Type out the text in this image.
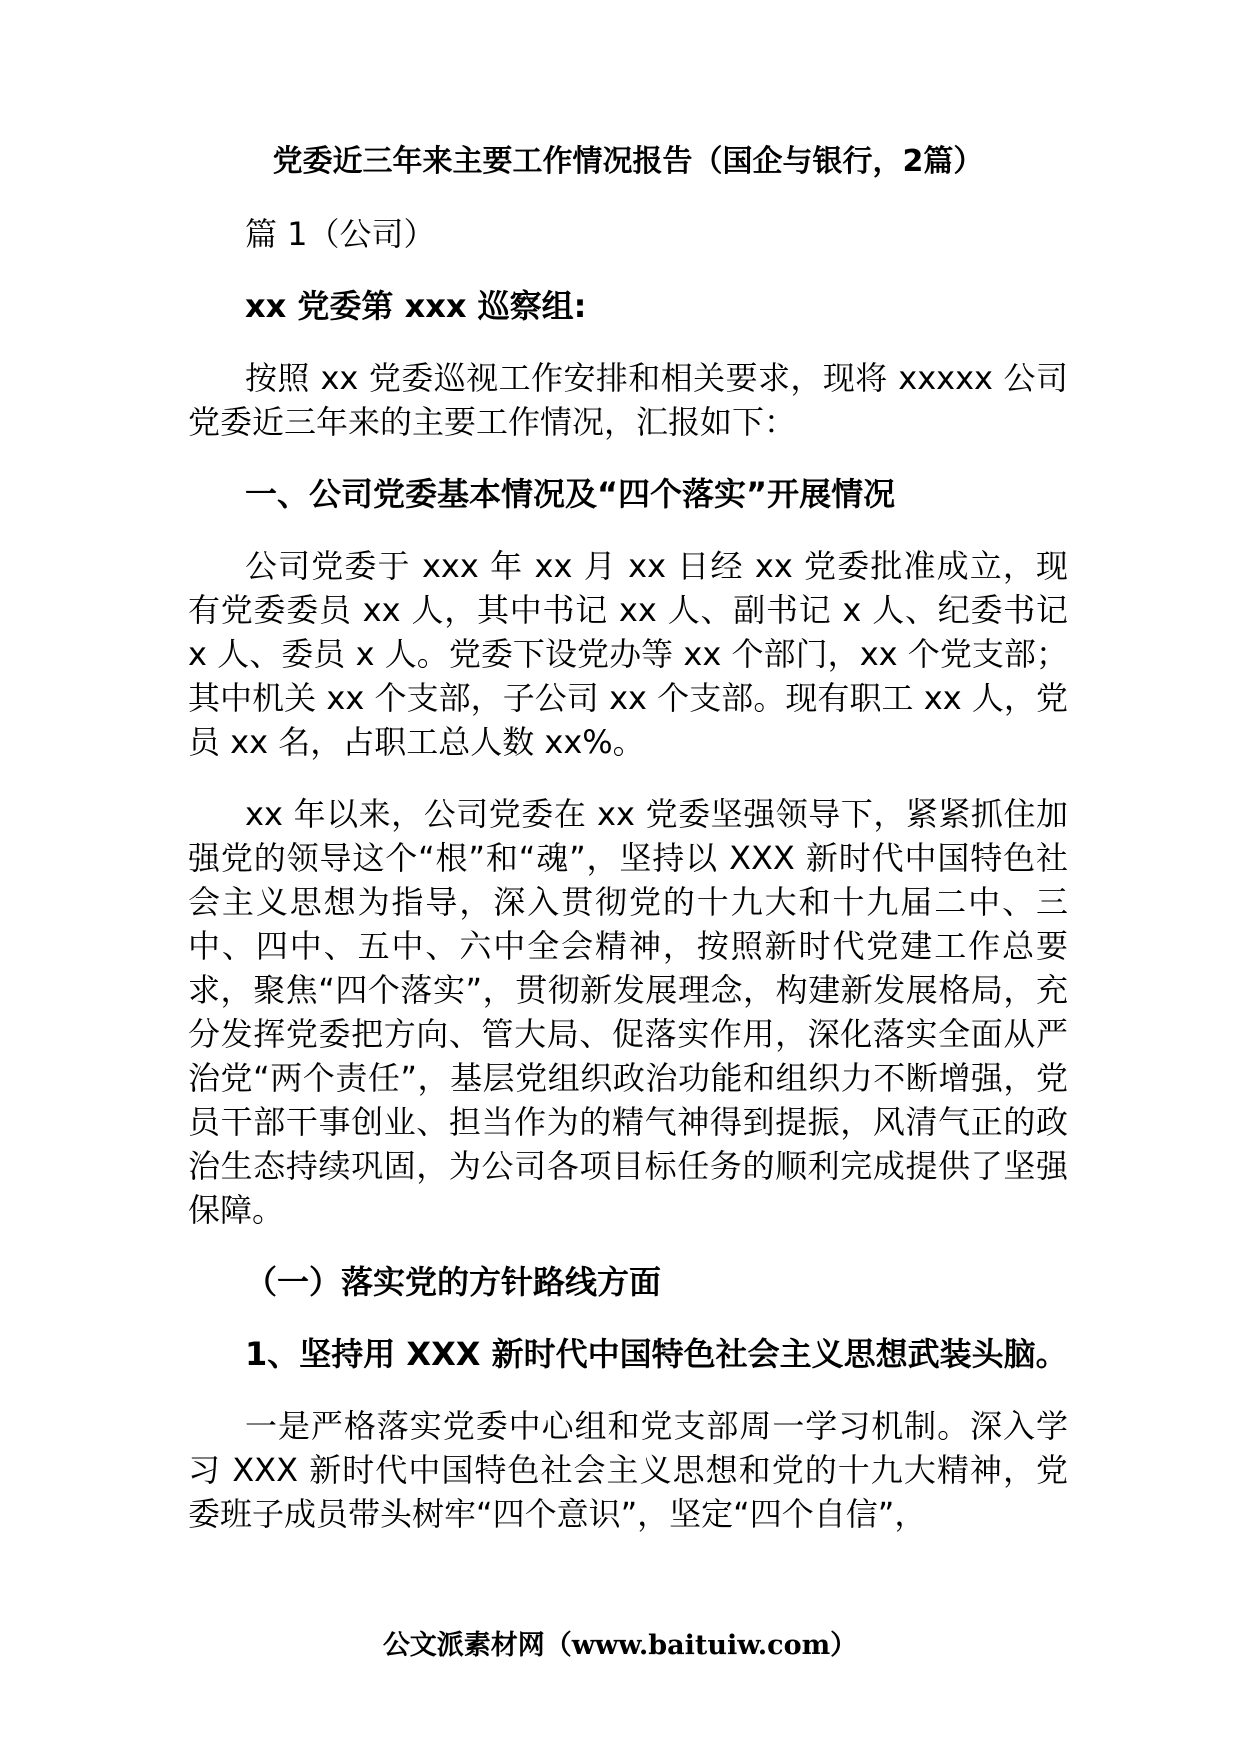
党委近三年来主要工作情况报告（国企与银行，2篇）

篇 1（公司）

xx 党委第 xxx 巡察组:

按照 xx 党委巡视工作安排和相关要求，现将 xxxxx 公司党委近三年来的主要工作情况，汇报如下：

一、公司党委基本情况及“四个落实”开展情况

公司党委于 xxx 年 xx 月 xx 日经 xx 党委批准成立，现有党委委员 xx 人，其中书记 xx 人、副书记 x 人、纪委书记 x 人、委员 x 人。党委下设党办等 xx 个部门，xx 个党支部；其中机关 xx 个支部，子公司 xx 个支部。现有职工 xx 人，党员 xx 名，占职工总人数 xx%。

xx 年以来，公司党委在 xx 党委坚强领导下，紧紧抓住加强党的领导这个“根”和“魂”，坚持以 XXX 新时代中国特色社会主义思想为指导，深入贯彻党的十九大和十九届二中、三中、四中、五中、六中全会精神，按照新时代党建工作总要求，聚焦“四个落实”，贯彻新发展理念，构建新发展格局，充分发挥党委把方向、管大局、促落实作用，深化落实全面从严治党“两个责任”，基层党组织政治功能和组织力不断增强，党员干部干事创业、担当作为的精气神得到提振，风清气正的政治生态持续巩固，为公司各项目标任务的顺利完成提供了坚强保障。

（一）落实党的方针路线方面

1、坚持用 XXX 新时代中国特色社会主义思想武装头脑。

一是严格落实党委中心组和党支部周一学习机制。深入学习 XXX 新时代中国特色社会主义思想和党的十九大精神，党委班子成员带头树牢“四个意识”，坚定“四个自信”，

公文派素材网（www.baituiw.com）
